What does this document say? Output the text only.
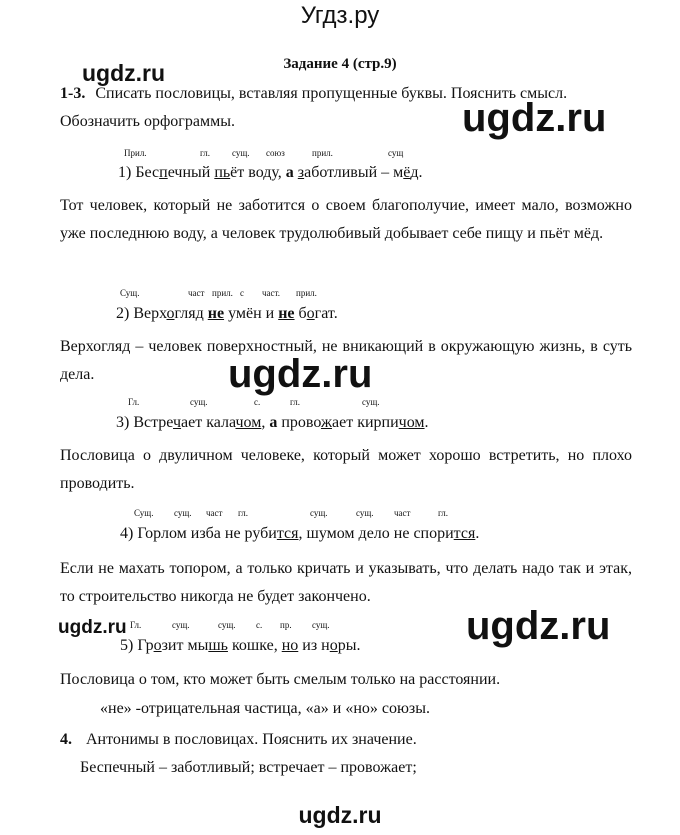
Угдз.ру
ugdz.ru
ugdz.ru
ugdz.ru
ugdz.ru	ugdz.ru
ugdz.ru
Задание 4 (стр.9)
1-3. Списать пословицы, вставляя пропущенные буквы. Пояснить смысл.
Обозначить орфограммы.
Прил.	гл. сущ. союз	прил.	сущ
1) Беспечный пьёт воду, а заботливый – мёд.
Тот человек, который не заботится о своем благополучие, имеет мало, возможно уже последнюю воду, а человек трудолюбивый добывает себе пищу и пьёт мёд.
Сущ.	част прил. с част. прил.
2) Верхогляд не умён и не богат.
Верхогляд – человек поверхностный, не вникающий в окружающую жизнь, в суть дела.
Гл.	сущ.	с.	гл.	сущ.
3) Встречает калачом, а провожает кирпичом.
Пословица о двуличном человеке, который может хорошо встретить, но плохо проводить.
Сущ. сущ. част гл.	сущ.	сущ. част	гл.
4) Горлом изба не рубится, шумом дело не спорится.
Если не махать топором, а только кричать и указывать, что делать надо так и этак, то строительство никогда не будет закончено.
Гл.	сущ.	сущ. с. пр. сущ.
5) Грозит мышь кошке, но из норы.
Пословица о том, кто может быть смелым только на расстоянии.
«не» -отрицательная частица, «а» и «но» союзы.
4. Антонимы в пословицах. Пояснить их значение.
Беспечный – заботливый; встречает – провожает;
